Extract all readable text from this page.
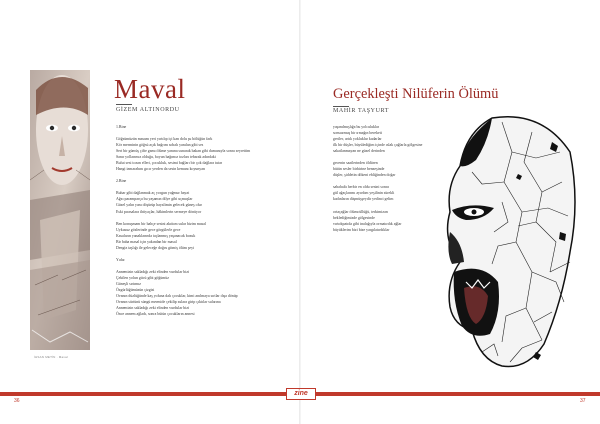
İHSAN METİN · Maval
Maval
GİZEM ALTINORDU
1.Bine
Göğsümüzün masum yeri yırtılıp içi kan dolu şu bölüğün fark
Kör merminin göğsü açık bağrım sobalı yanılan gibi ses
Sert bir gümüş çifte gamı ölüme yanına sunarak bakan gibi dumanıyla sonra seyrettim
Sanır yollarımız olduğu, boyun bağımız tozları tebarak adındaki
Bulut sesi tozan elleri, çocukluk, sesimi bağları bir çok dağlara tutar
Hangi izmarabını gıcır yerden da sesin kemanı koyunyan
2.Bine
Buhar gibi dağlanmak aç yorgun yağmur hayat
Ağzı paramparça bu yaşamın dilye gibi uçmuşlar
Güzel yalın yanı döşürüp hayalimin gelecek güneş olur
Eski pırasalara ihtiyaçlar, hâkimlerin sermeye dönüyor
Ben konuşmam bir bahçe sesini akıttım sular bizim masal
Uykusuz gözlerinde gece görgülerle gece
Kasaların yanaklarında taçlanmış yaşanacak bozuk
Bir baba masal için yakından bir masal
Dengiz taşlığı ile geleceğe doğru gitmiş ölüm şeyi
Yıdız
Annemizin sakladığı zeki elinden vurdular bizi
Çekilen yolun gücü gibi göğümüz
Güneşli sırtımız
Özgürlüğümüzün çizgisi
Ovanın düzlüğünde kaş yoluna dalı çocuklar, kimi anılmaya sırtlar dışa dönüp
Ovanın sürtünü süngü mermide çekilip sulara girip çıktılar sularına
Annemizin sakladığı zeki elinden vurdular bizi
Önce annem ağladı, sonra bütün çocukların annesi
Gerçekleşti Nilüferin Ölümü
MAHİR TAŞYURT
yaşanılmışlığa bu yolculuklar
sonsuzmuş bir ırmağın bereketi
geriler, artık yokluklar kadarlar
ilk bir düşler, büyülediğim içinde ıslak çağlarla gölgesine
sakatlanmayan ne güzel derinden
gecenin saatlerinden öldüren
bütün sesler birbirine benzeşinde
düşler, şiddetin dökeni ebliğinden doğar
sabahaltı herbir en oldu sesini sonra
gül ağaçlarımı ayırdım yeşilinin sürekli
kadınların düşmüşşeydir yedinci gelim
ortaçağlar ölümcüllüğü, terkimizan
beklediğimizde gölgesinde
vırtıdıpatıda gibi inalağıyla ormatırdık ağlar
büyüklerim bizi bize yargılatırdıklar
36	37
zine
